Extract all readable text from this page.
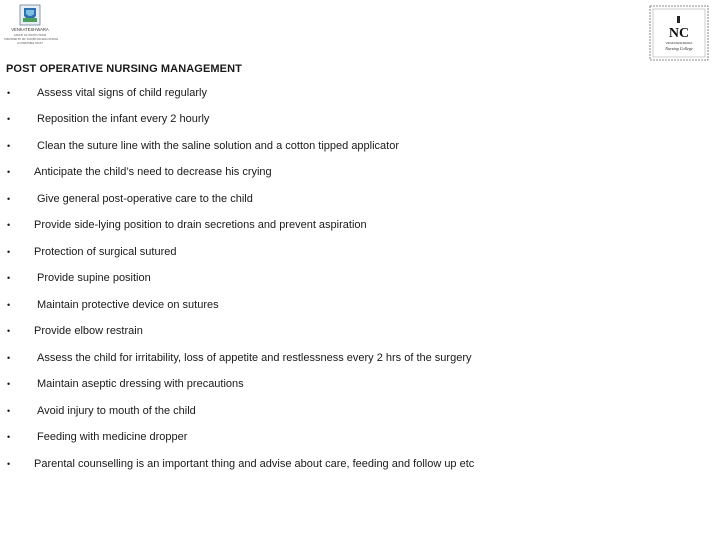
VENKATESHWARA
GROUP OF INSTITUTIONS
ESTABLISHED BY DR. SUDHIR GIRI EDUCATIONAL
& CHARITABLE TRUST
NC
VENKATESHWARA
Nursing College
POST OPERATIVE NURSING MANAGEMENT
• Assess vital signs of child regularly
• Reposition the infant every 2 hourly
• Clean the suture line with the saline solution and a cotton tipped applicator
• Anticipate the child’s need to decrease his crying
• Give general post-operative care to the child
• Provide side-lying position to drain secretions and prevent aspiration
• Protection of surgical sutured
• Provide supine position
• Maintain protective device on sutures
• Provide elbow restrain
• Assess the child for irritability, loss of appetite and restlessness every 2 hrs of the surgery
• Maintain aseptic dressing with precautions
• Avoid injury to mouth of the child
• Feeding with medicine dropper
• Parental counselling is an important thing and advise about care, feeding and follow up etc
